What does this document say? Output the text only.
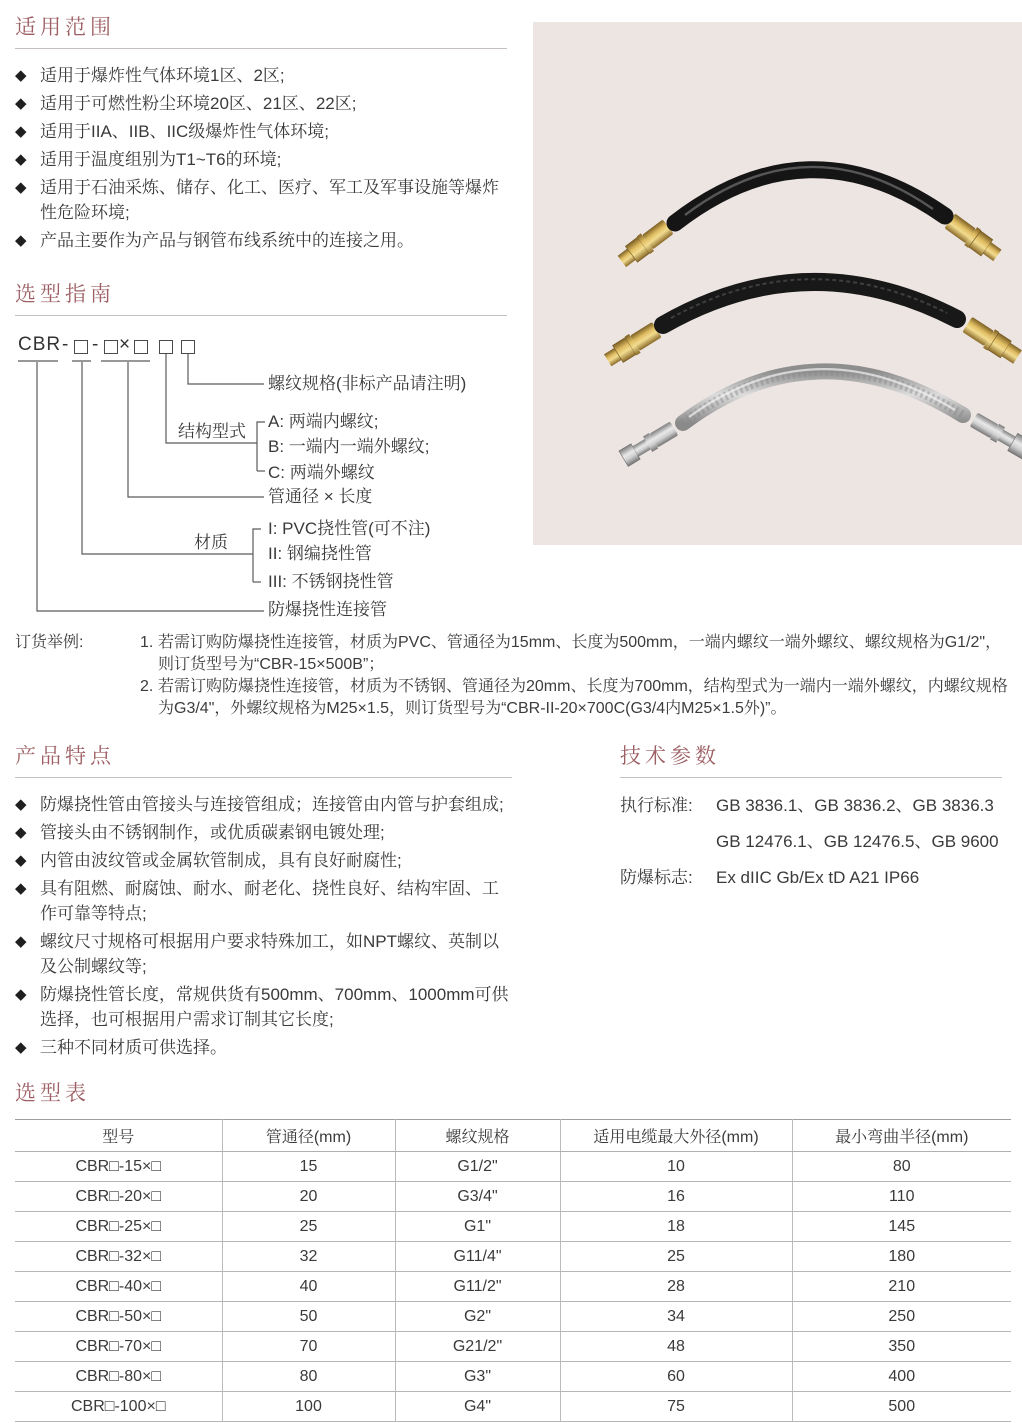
适用范围
◆ 适用于爆炸性气体环境1区、2区;
◆ 适用于可燃性粉尘环境20区、21区、22区;
◆ 适用于IIA、IIB、IIC级爆炸性气体环境;
◆ 适用于温度组别为T1~T6的环境;
◆ 适用于石油采炼、储存、化工、医疗、军工及军事设施等爆炸性危险环境;
◆ 产品主要作为产品与钢管布线系统中的连接之用。
选型指南
CBR - - ×
螺纹规格(非标产品请注明)
结构型式
A: 两端内螺纹;
B: 一端内一端外螺纹;
C: 两端外螺纹
管通径 × 长度
材质
I: PVC挠性管(可不注)
II: 钢编挠性管
III: 不锈钢挠性管
防爆挠性连接管
订货举例:	1. 若需订购防爆挠性连接管，材质为PVC、管通径为15mm、长度为500mm，一端内螺纹一端外螺纹、螺纹规格为G1/2"，则订货型号为“CBR-15×500B”；
2. 若需订购防爆挠性连接管，材质为不锈钢、管通径为20mm、长度为700mm，结构型式为一端内一端外螺纹，内螺纹规格为G3/4"，外螺纹规格为M25×1.5，则订货型号为“CBR-II-20×700C(G3/4内M25×1.5外)”。
产品特点
◆ 防爆挠性管由管接头与连接管组成；连接管由内管与护套组成;
◆ 管接头由不锈钢制作，或优质碳素钢电镀处理;
◆ 内管由波纹管或金属软管制成，具有良好耐腐性;
◆ 具有阻燃、耐腐蚀、耐水、耐老化、挠性良好、结构牢固、工作可靠等特点;
◆ 螺纹尺寸规格可根据用户要求特殊加工，如NPT螺纹、英制以及公制螺纹等;
◆ 防爆挠性管长度，常规供货有500mm、700mm、1000mm可供选择，也可根据用户需求订制其它长度;
◆ 三种不同材质可供选择。
技术参数
执行标准:	GB 3836.1、GB 3836.2、GB 3836.3
GB 12476.1、GB 12476.5、GB 9600
防爆标志:	Ex dIIC Gb/Ex tD A21 IP66
选型表
型号	管通径(mm)	螺纹规格	适用电缆最大外径(mm)	最小弯曲半径(mm)
CBR□-15×□	15	G1/2"	10	80
CBR□-20×□	20	G3/4"	16	110
CBR□-25×□	25	G1"	18	145
CBR□-32×□	32	G11/4"	25	180
CBR□-40×□	40	G11/2"	28	210
CBR□-50×□	50	G2"	34	250
CBR□-70×□	70	G21/2"	48	350
CBR□-80×□	80	G3"	60	400
CBR□-100×□	100	G4"	75	500
